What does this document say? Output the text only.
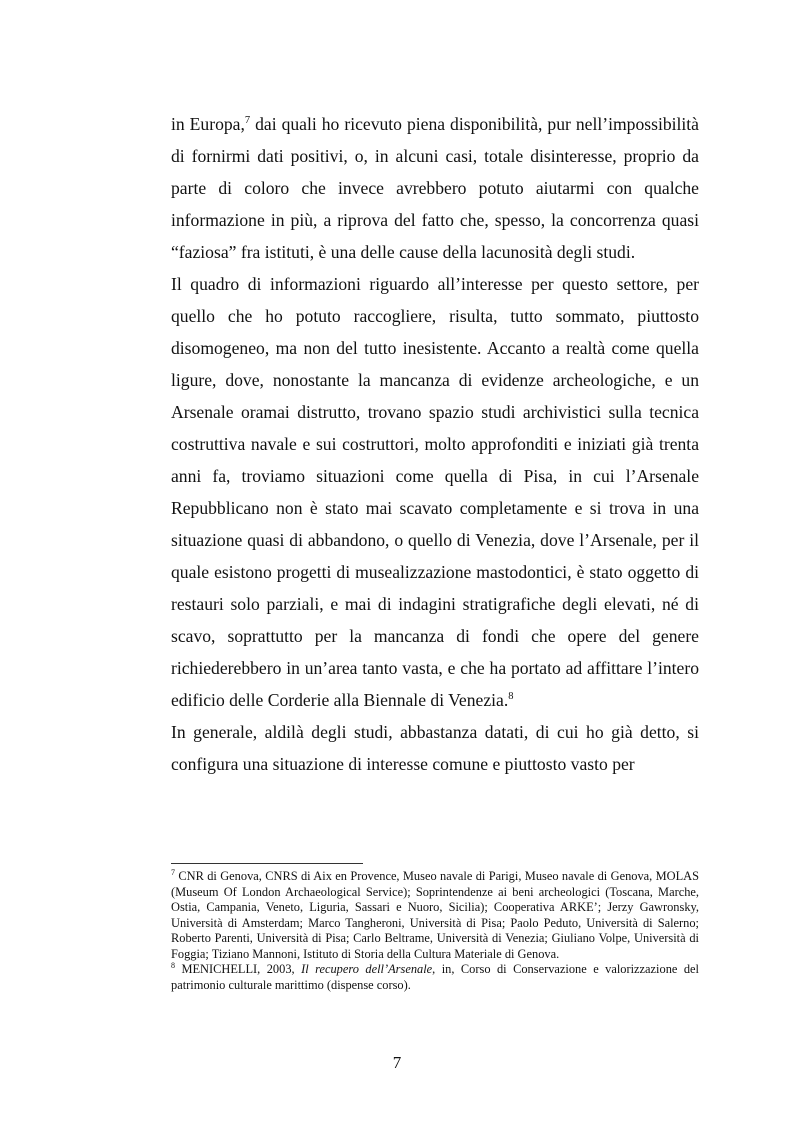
in Europa,$^7$ dai quali ho ricevuto piena disponibilità, pur nell’impossibilità di fornirmi dati positivi, o, in alcuni casi, totale disinteresse, proprio da parte di coloro che invece avrebbero potuto aiutarmi con qualche informazione in più, a riprova del fatto che, spesso, la concorrenza quasi “faziosa” fra istituti, è una delle cause della lacunosità degli studi.

Il quadro di informazioni riguardo all’interesse per questo settore, per quello che ho potuto raccogliere, risulta, tutto sommato, piuttosto disomogeneo, ma non del tutto inesistente. Accanto a realtà come quella ligure, dove, nonostante la mancanza di evidenze archeologiche, e un Arsenale oramai distrutto, trovano spazio studi archivistici sulla tecnica costruttiva navale e sui costruttori, molto approfonditi e iniziati già trenta anni fa, troviamo situazioni come quella di Pisa, in cui l’Arsenale Repubblicano non è stato mai scavato completamente e si trova in una situazione quasi di abbandono, o quello di Venezia, dove l’Arsenale, per il quale esistono progetti di musealizzazione mastodontici, è stato oggetto di restauri solo parziali, e mai di indagini stratigrafiche degli elevati, né di scavo, soprattutto per la mancanza di fondi che opere del genere richiederebbero in un’area tanto vasta, e che ha portato ad affittare l’intero edificio delle Corderie alla Biennale di Venezia.$^8$

In generale, aldilà degli studi, abbastanza datati, di cui ho già detto, si configura una situazione di interesse comune e piuttosto vasto per

$^7$ CNR di Genova, CNRS di Aix en Provence, Museo navale di Parigi, Museo navale di Genova, MOLAS (Museum Of London Archaeological Service); Soprintendenze ai beni archeologici (Toscana, Marche, Ostia, Campania, Veneto, Liguria, Sassari e Nuoro, Sicilia); Cooperativa ARKE’; Jerzy Gawronsky, Università di Amsterdam; Marco Tangheroni, Università di Pisa; Paolo Peduto, Università di Salerno; Roberto Parenti, Università di Pisa; Carlo Beltrame, Università di Venezia; Giuliano Volpe, Università di Foggia; Tiziano Mannoni, Istituto di Storia della Cultura Materiale di Genova.

$^8$ MENICHELLI, 2003, Il recupero dell’Arsenale, in, Corso di Conservazione e valorizzazione del patrimonio culturale marittimo (dispense corso).

7
